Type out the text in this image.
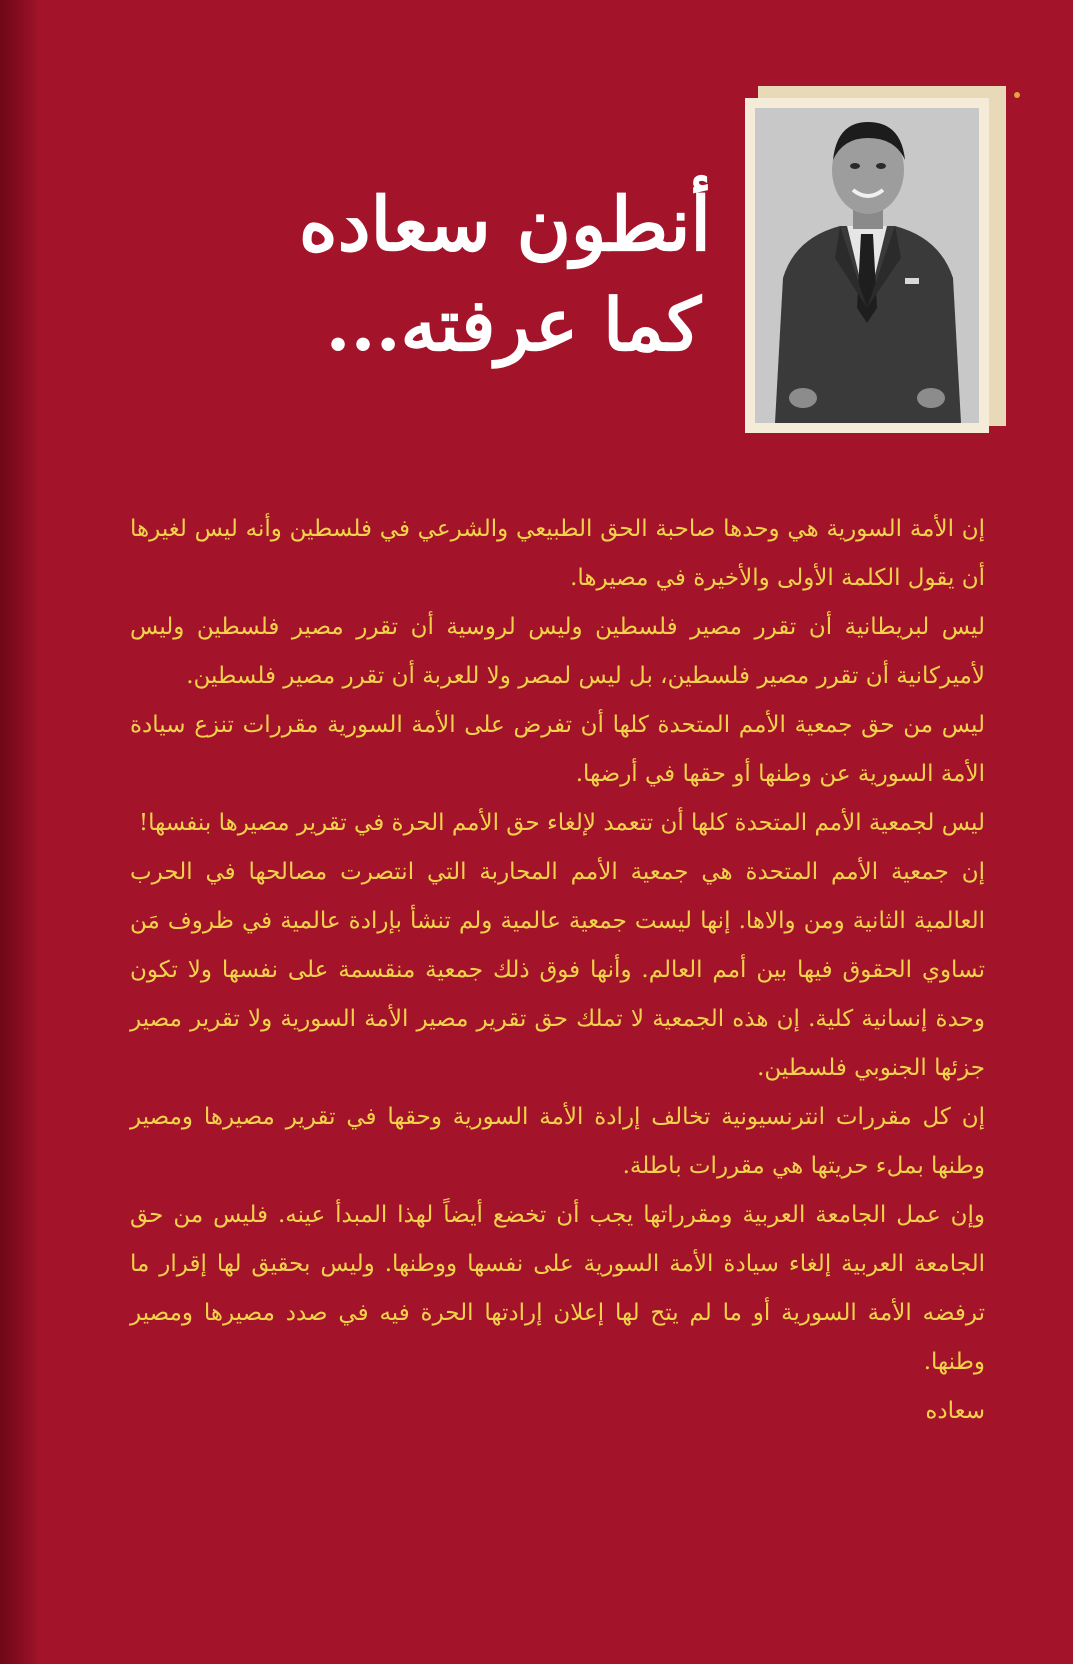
أنطون سعاده
كما عرفته...

إن الأمة السورية هي وحدها صاحبة الحق الطبيعي والشرعي في فلسطين وأنه ليس لغيرها أن يقول الكلمة الأولى والأخيرة في مصيرها.

ليس لبريطانية أن تقرر مصير فلسطين وليس لروسية أن تقرر مصير فلسطين وليس لأميركانية أن تقرر مصير فلسطين، بل ليس لمصر ولا للعربة أن تقرر مصير فلسطين.

ليس من حق جمعية الأمم المتحدة كلها أن تفرض على الأمة السورية مقررات تنزع سيادة الأمة السورية عن وطنها أو حقها في أرضها.

ليس لجمعية الأمم المتحدة كلها أن تتعمد لإلغاء حق الأمم الحرة في تقرير مصيرها بنفسها!

إن جمعية الأمم المتحدة هي جمعية الأمم المحاربة التي انتصرت مصالحها في الحرب العالمية الثانية ومن والاها. إنها ليست جمعية عالمية ولم تنشأ بإرادة عالمية في ظروف مَن تساوي الحقوق فيها بين أمم العالم. وأنها فوق ذلك جمعية منقسمة على نفسها ولا تكون وحدة إنسانية كلية. إن هذه الجمعية لا تملك حق تقرير مصير الأمة السورية ولا تقرير مصير جزئها الجنوبي فلسطين.

إن كل مقررات انترنسيونية تخالف إرادة الأمة السورية وحقها في تقرير مصيرها ومصير وطنها بملء حريتها هي مقررات باطلة.

وإن عمل الجامعة العربية ومقرراتها يجب أن تخضع أيضاً لهذا المبدأ عينه. فليس من حق الجامعة العربية إلغاء سيادة الأمة السورية على نفسها ووطنها. وليس بحقيق لها إقرار ما ترفضه الأمة السورية أو ما لم يتح لها إعلان إرادتها الحرة فيه في صدد مصيرها ومصير وطنها.

سعاده
